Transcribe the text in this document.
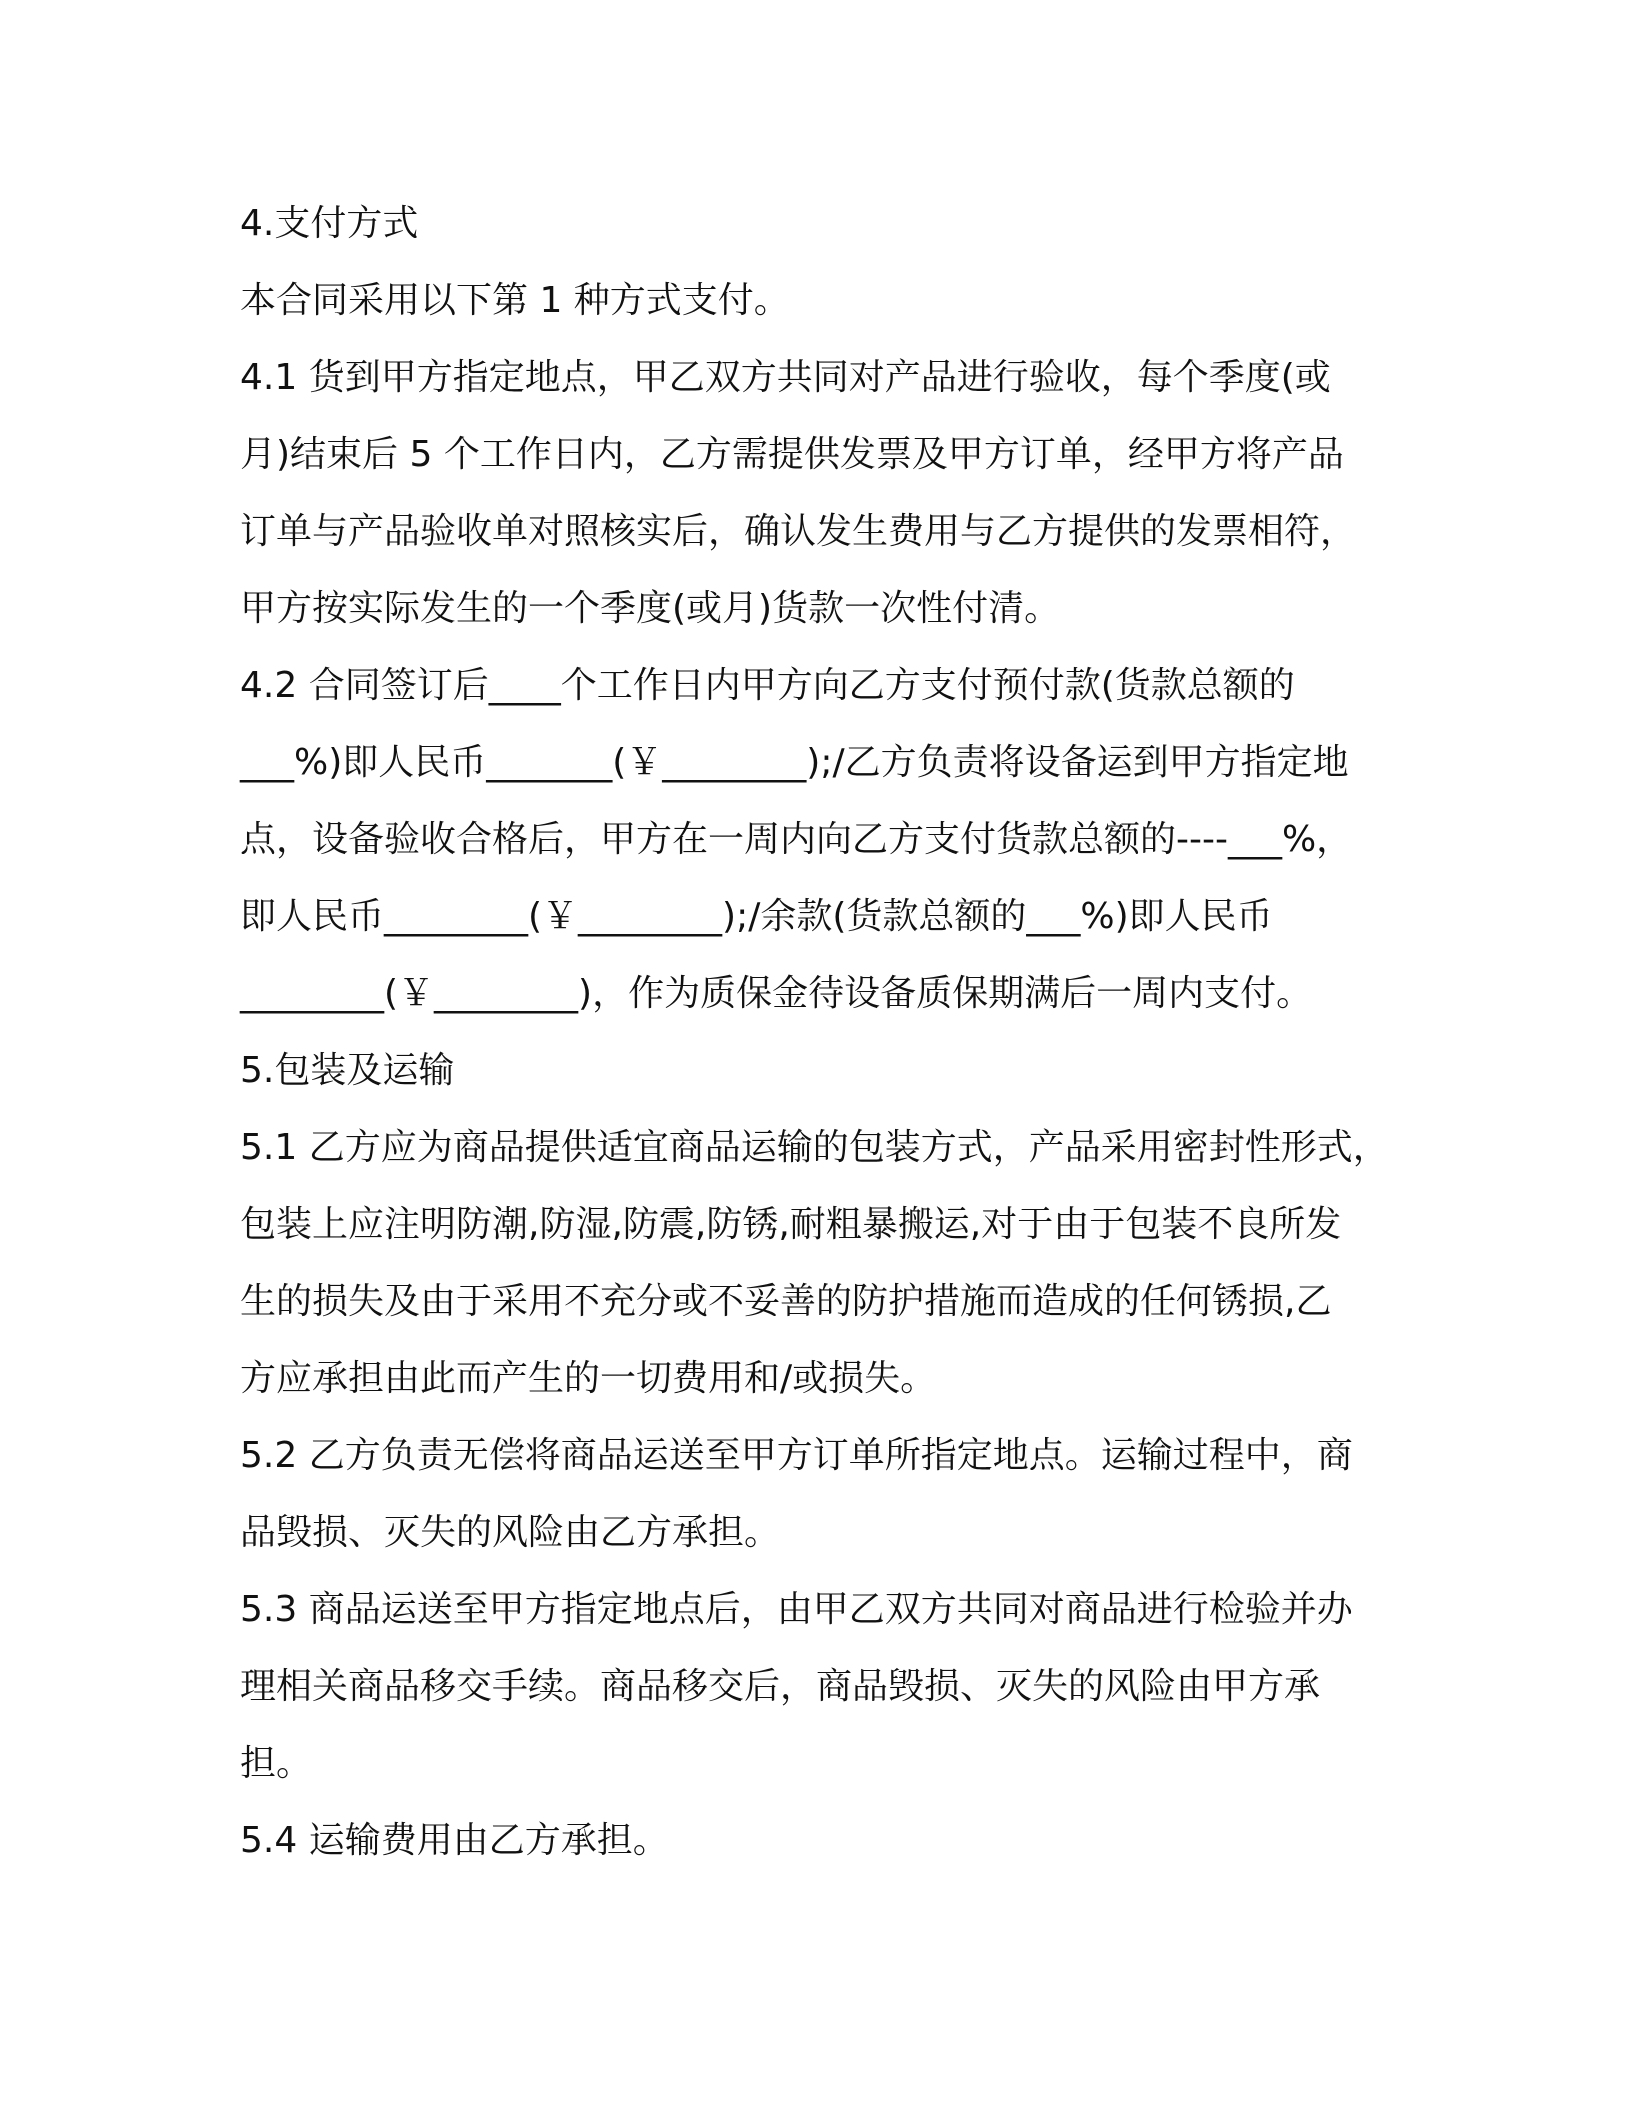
4.支付方式
本合同采用以下第 1 种方式支付。
4.1 货到甲方指定地点，甲乙双方共同对产品进行验收，每个季度(或
月)结束后 5 个工作日内，乙方需提供发票及甲方订单，经甲方将产品
订单与产品验收单对照核实后，确认发生费用与乙方提供的发票相符，
甲方按实际发生的一个季度(或月)货款一次性付清。
4.2 合同签订后____个工作日内甲方向乙方支付预付款(货款总额的
___%)即人民币_______(￥________);/乙方负责将设备运到甲方指定地
点，设备验收合格后，甲方在一周内向乙方支付货款总额的----___%，
即人民币________(￥________);/余款(货款总额的___%)即人民币
________(￥________)，作为质保金待设备质保期满后一周内支付。
5.包装及运输
5.1 乙方应为商品提供适宜商品运输的包装方式，产品采用密封性形式，
包装上应注明防潮,防湿,防震,防锈,耐粗暴搬运,对于由于包装不良所发
生的损失及由于采用不充分或不妥善的防护措施而造成的任何锈损,乙
方应承担由此而产生的一切费用和/或损失。
5.2 乙方负责无偿将商品运送至甲方订单所指定地点。运输过程中，商
品毁损、灭失的风险由乙方承担。
5.3 商品运送至甲方指定地点后，由甲乙双方共同对商品进行检验并办
理相关商品移交手续。商品移交后，商品毁损、灭失的风险由甲方承
担。
5.4 运输费用由乙方承担。
